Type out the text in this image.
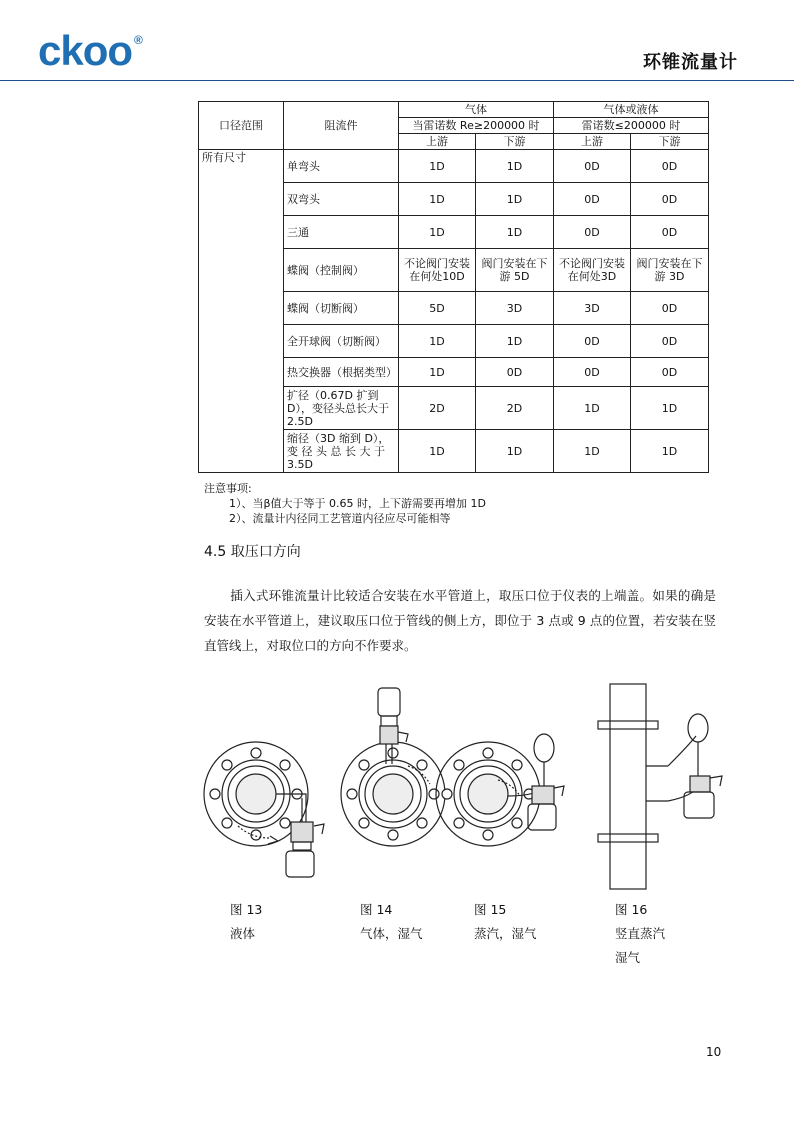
ckoo ®
环锥流量计
口径范围	阻流件	气体		气体或液体	
		当雷诺数 Re≥200000 时		雷诺数≤200000 时	
		上游	下游	上游	下游
所有尺寸	单弯头	1D	1D	0D	0D
	双弯头	1D	1D	0D	0D
	三通	1D	1D	0D	0D
	蝶阀（控制阀）	不论阀门安装在何处10D	阀门安装在下游 5D	不论阀门安装在何处3D	阀门安装在下游 3D
	蝶阀（切断阀）	5D	3D	3D	0D
	全开球阀（切断阀）	1D	1D	0D	0D
	热交换器（根据类型）	1D	0D	0D	0D
	扩径（0.67D 扩到 D），变径头总长大于 2.5D	2D	2D	1D	1D
	缩径（3D 缩到 D），变 径 头 总 长 大 于 3.5D	1D	1D	1D	1D
注意事项:
1）、当β值大于等于 0.65 时，上下游需要再增加 1D
2）、流量计内径同工艺管道内径应尽可能相等
4.5 取压口方向
插入式环锥流量计比较适合安装在水平管道上，取压口位于仪表的上端盖。如果的确是安装在水平管道上，建议取压口位于管线的侧上方，即位于 3 点或 9 点的位置，若安装在竖直管线上，对取位口的方向不作要求。
图 13
液体
图 14
气体，湿气
图 15
蒸汽，湿气
图 16
竖直蒸汽
湿气
10
